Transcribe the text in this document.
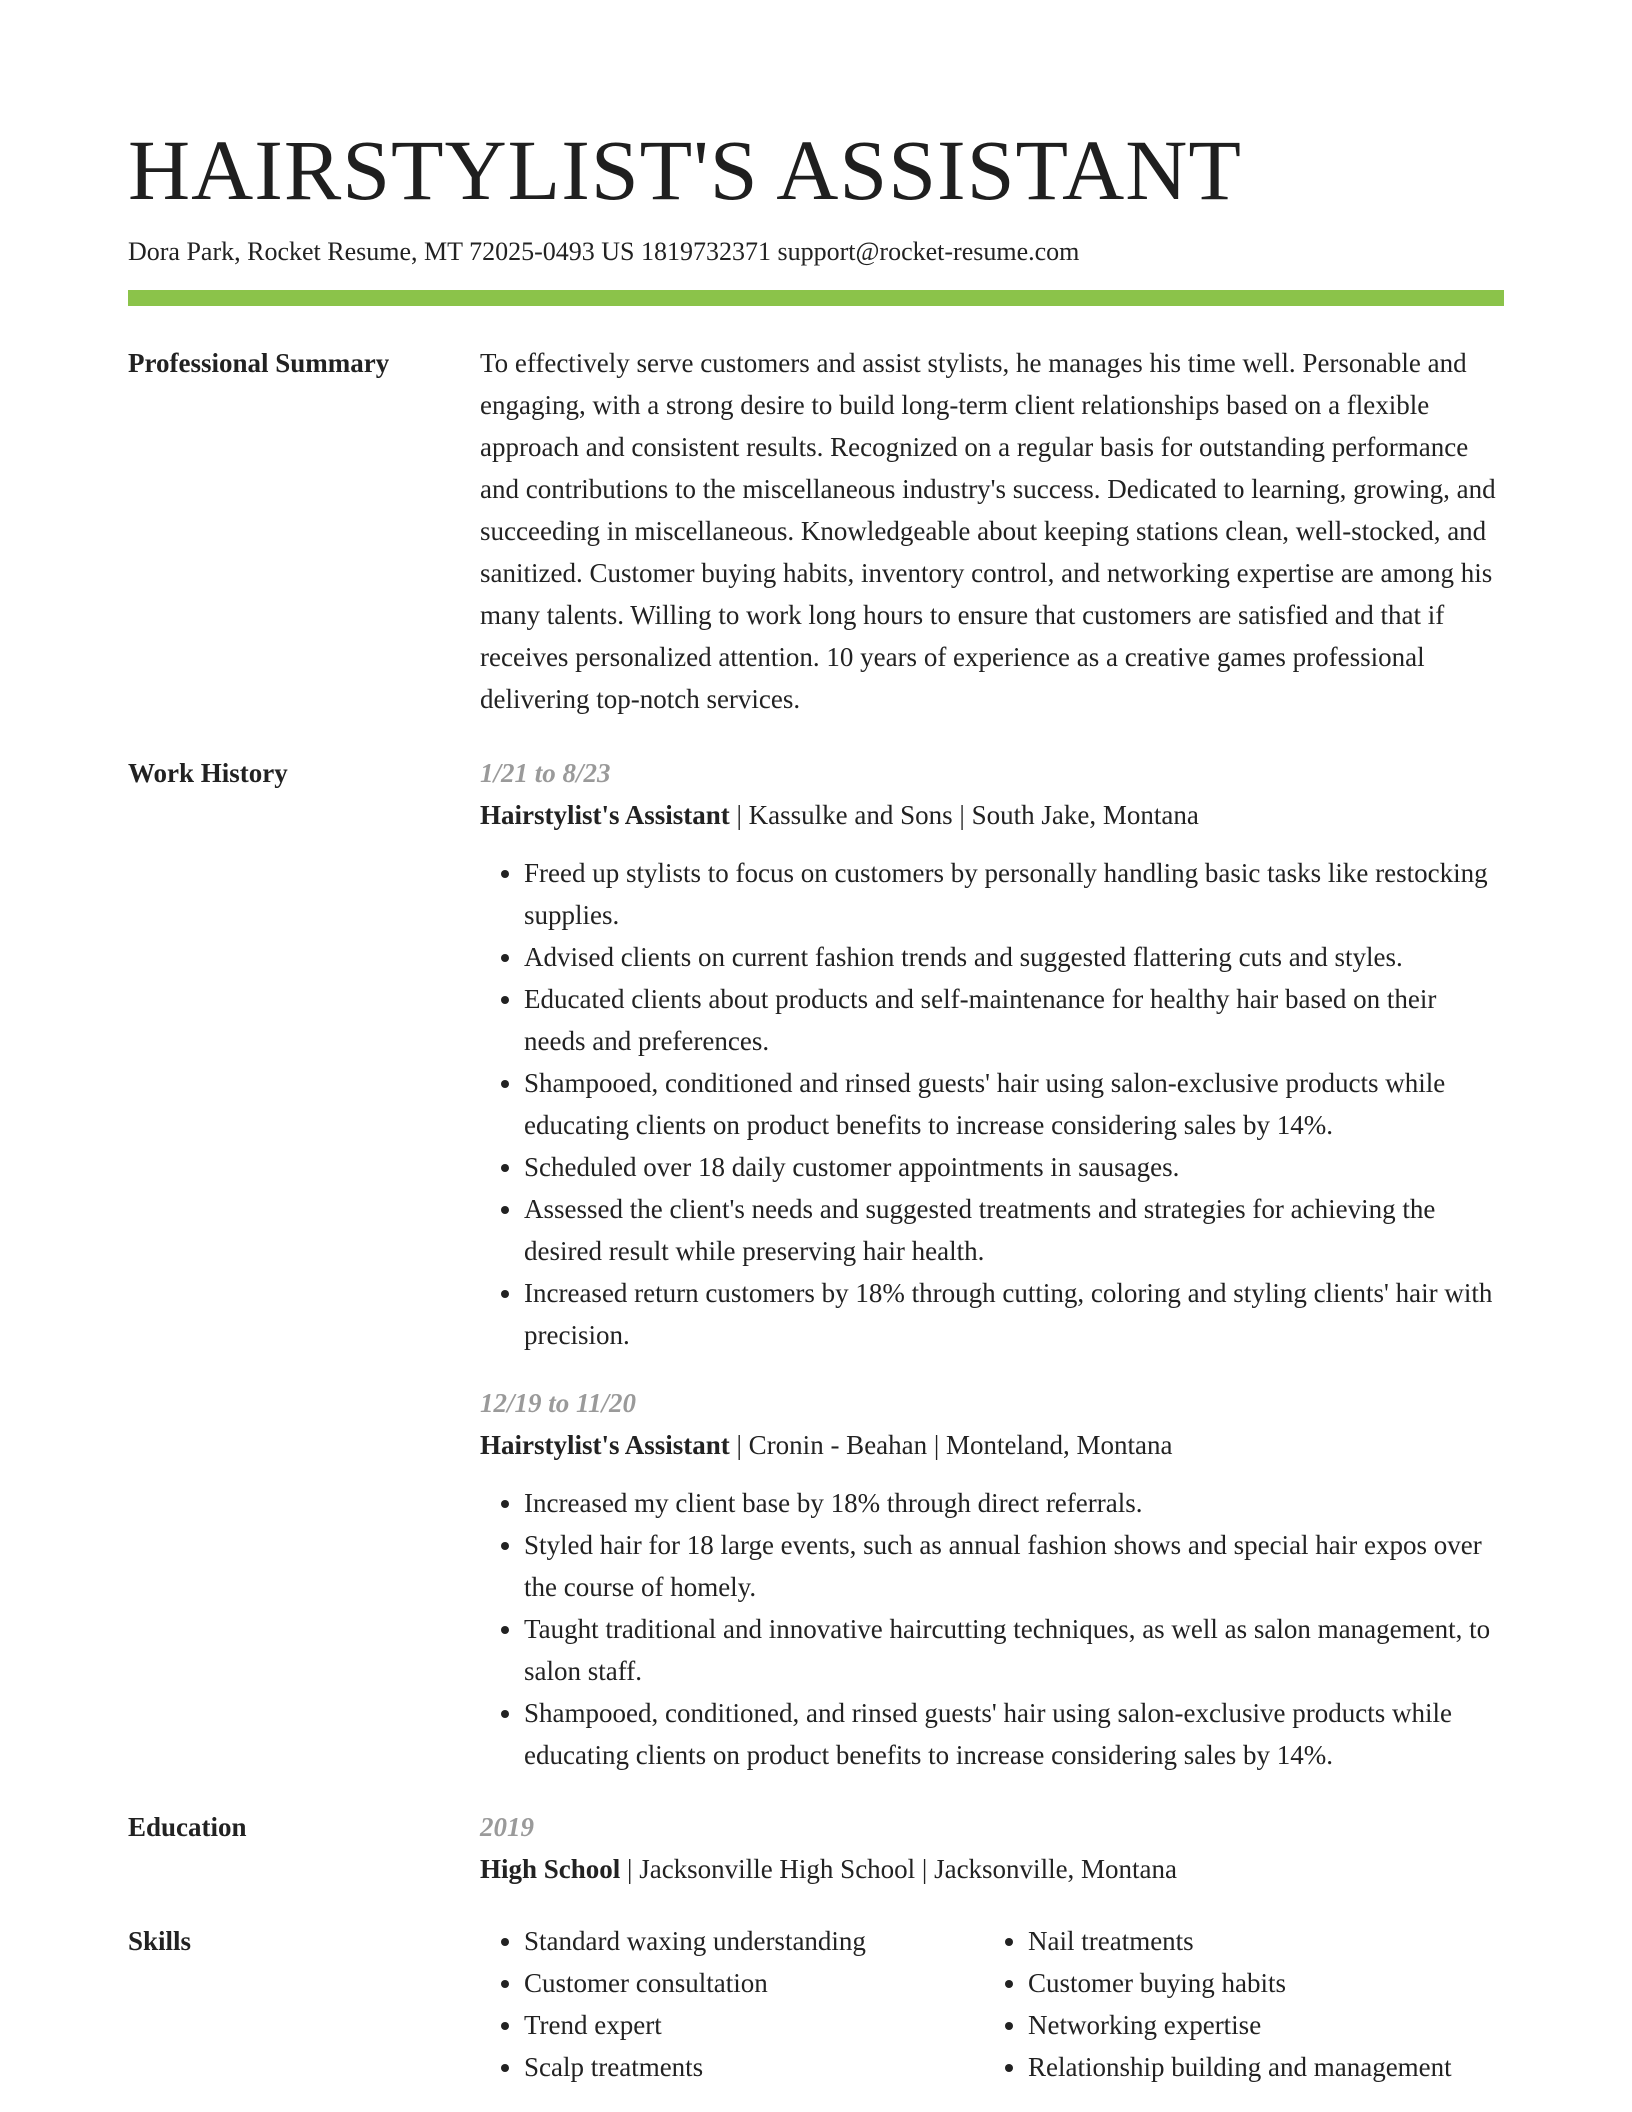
HAIRSTYLIST'S ASSISTANT
Dora Park, Rocket Resume, MT 72025-0493 US 1819732371 support@rocket-resume.com
Professional Summary	To effectively serve customers and assist stylists, he manages his time well. Personable and engaging, with a strong desire to build long-term client relationships based on a flexible approach and consistent results. Recognized on a regular basis for outstanding performance and contributions to the miscellaneous industry's success. Dedicated to learning, growing, and succeeding in miscellaneous. Knowledgeable about keeping stations clean, well-stocked, and sanitized. Customer buying habits, inventory control, and networking expertise are among his many talents. Willing to work long hours to ensure that customers are satisfied and that if receives personalized attention. 10 years of experience as a creative games professional delivering top-notch services.

Work History	1/21 to 8/23
Hairstylist's Assistant | Kassulke and Sons | South Jake, Montana
• Freed up stylists to focus on customers by personally handling basic tasks like restocking supplies.
• Advised clients on current fashion trends and suggested flattering cuts and styles.
• Educated clients about products and self-maintenance for healthy hair based on their needs and preferences.
• Shampooed, conditioned and rinsed guests' hair using salon-exclusive products while educating clients on product benefits to increase considering sales by 14%.
• Scheduled over 18 daily customer appointments in sausages.
• Assessed the client's needs and suggested treatments and strategies for achieving the desired result while preserving hair health.
• Increased return customers by 18% through cutting, coloring and styling clients' hair with precision.
12/19 to 11/20
Hairstylist's Assistant | Cronin - Beahan | Monteland, Montana
• Increased my client base by 18% through direct referrals.
• Styled hair for 18 large events, such as annual fashion shows and special hair expos over the course of homely.
• Taught traditional and innovative haircutting techniques, as well as salon management, to salon staff.
• Shampooed, conditioned, and rinsed guests' hair using salon-exclusive products while educating clients on product benefits to increase considering sales by 14%.
Education	2019
High School | Jacksonville High School | Jacksonville, Montana
Skills
•	Standard waxing understanding
• Customer consultation
• Trend expert
• Scalp treatments
• Nail treatments
• Customer buying habits
• Networking expertise
• Relationship building and management
